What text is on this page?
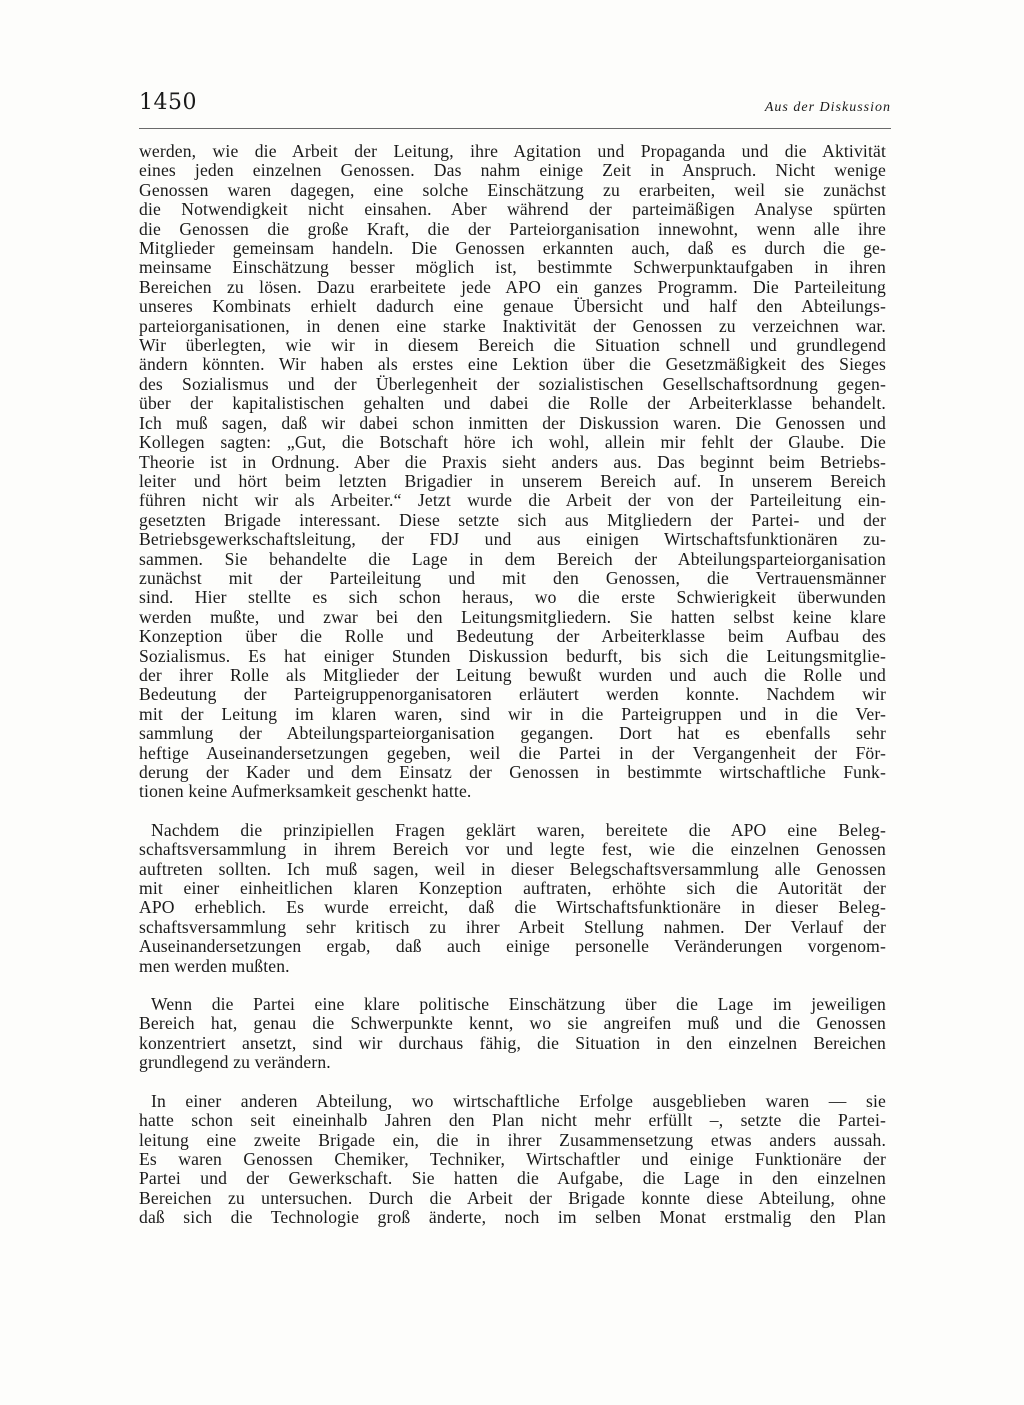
1450	Aus der Diskussion
werden, wie die Arbeit der Leitung, ihre Agitation und Propaganda und die Aktivität
eines jeden einzelnen Genossen. Das nahm einige Zeit in Anspruch. Nicht wenige
Genossen waren dagegen, eine solche Einschätzung zu erarbeiten, weil sie zunächst
die Notwendigkeit nicht einsahen. Aber während der parteimäßigen Analyse spürten
die Genossen die große Kraft, die der Parteiorganisation innewohnt, wenn alle ihre
Mitglieder gemeinsam handeln. Die Genossen erkannten auch, daß es durch die ge-
meinsame Einschätzung besser möglich ist, bestimmte Schwerpunktaufgaben in ihren
Bereichen zu lösen. Dazu erarbeitete jede APO ein ganzes Programm. Die Parteileitung
unseres Kombinats erhielt dadurch eine genaue Übersicht und half den Abteilungs-
parteiorganisationen, in denen eine starke Inaktivität der Genossen zu verzeichnen war.
Wir überlegten, wie wir in diesem Bereich die Situation schnell und grundlegend
ändern könnten. Wir haben als erstes eine Lektion über die Gesetzmäßigkeit des Sieges
des Sozialismus und der Überlegenheit der sozialistischen Gesellschaftsordnung gegen-
über der kapitalistischen gehalten und dabei die Rolle der Arbeiterklasse behandelt.
Ich muß sagen, daß wir dabei schon inmitten der Diskussion waren. Die Genossen und
Kollegen sagten: „Gut, die Botschaft höre ich wohl, allein mir fehlt der Glaube. Die
Theorie ist in Ordnung. Aber die Praxis sieht anders aus. Das beginnt beim Betriebs-
leiter und hört beim letzten Brigadier in unserem Bereich auf. In unserem Bereich
führen nicht wir als Arbeiter.“ Jetzt wurde die Arbeit der von der Parteileitung ein-
gesetzten Brigade interessant. Diese setzte sich aus Mitgliedern der Partei- und der
Betriebsgewerkschaftsleitung, der FDJ und aus einigen Wirtschaftsfunktionären zu-
sammen. Sie behandelte die Lage in dem Bereich der Abteilungsparteiorganisation
zunächst mit der Parteileitung und mit den Genossen, die Vertrauensmänner
sind. Hier stellte es sich schon heraus, wo die erste Schwierigkeit überwunden
werden mußte, und zwar bei den Leitungsmitgliedern. Sie hatten selbst keine klare
Konzeption über die Rolle und Bedeutung der Arbeiterklasse beim Aufbau des
Sozialismus. Es hat einiger Stunden Diskussion bedurft, bis sich die Leitungsmitglie-
der ihrer Rolle als Mitglieder der Leitung bewußt wurden und auch die Rolle und
Bedeutung der Parteigruppenorganisatoren erläutert werden konnte. Nachdem wir
mit der Leitung im klaren waren, sind wir in die Parteigruppen und in die Ver-
sammlung der Abteilungsparteiorganisation gegangen. Dort hat es ebenfalls sehr
heftige Auseinandersetzungen gegeben, weil die Partei in der Vergangenheit der För-
derung der Kader und dem Einsatz der Genossen in bestimmte wirtschaftliche Funk-
tionen keine Aufmerksamkeit geschenkt hatte.
Nachdem die prinzipiellen Fragen geklärt waren, bereitete die APO eine Beleg-
schaftsversammlung in ihrem Bereich vor und legte fest, wie die einzelnen Genossen
auftreten sollten. Ich muß sagen, weil in dieser Belegschaftsversammlung alle Genossen
mit einer einheitlichen klaren Konzeption auftraten, erhöhte sich die Autorität der
APO erheblich. Es wurde erreicht, daß die Wirtschaftsfunktionäre in dieser Beleg-
schaftsversammlung sehr kritisch zu ihrer Arbeit Stellung nahmen. Der Verlauf der
Auseinandersetzungen ergab, daß auch einige personelle Veränderungen vorgenom-
men werden mußten.
Wenn die Partei eine klare politische Einschätzung über die Lage im jeweiligen
Bereich hat, genau die Schwerpunkte kennt, wo sie angreifen muß und die Genossen
konzentriert ansetzt, sind wir durchaus fähig, die Situation in den einzelnen Bereichen
grundlegend zu verändern.
In einer anderen Abteilung, wo wirtschaftliche Erfolge ausgeblieben waren — sie
hatte schon seit eineinhalb Jahren den Plan nicht mehr erfüllt –, setzte die Partei-
leitung eine zweite Brigade ein, die in ihrer Zusammensetzung etwas anders aussah.
Es waren Genossen Chemiker, Techniker, Wirtschaftler und einige Funktionäre der
Partei und der Gewerkschaft. Sie hatten die Aufgabe, die Lage in den einzelnen
Bereichen zu untersuchen. Durch die Arbeit der Brigade konnte diese Abteilung, ohne
daß sich die Technologie groß änderte, noch im selben Monat erstmalig den Plan
